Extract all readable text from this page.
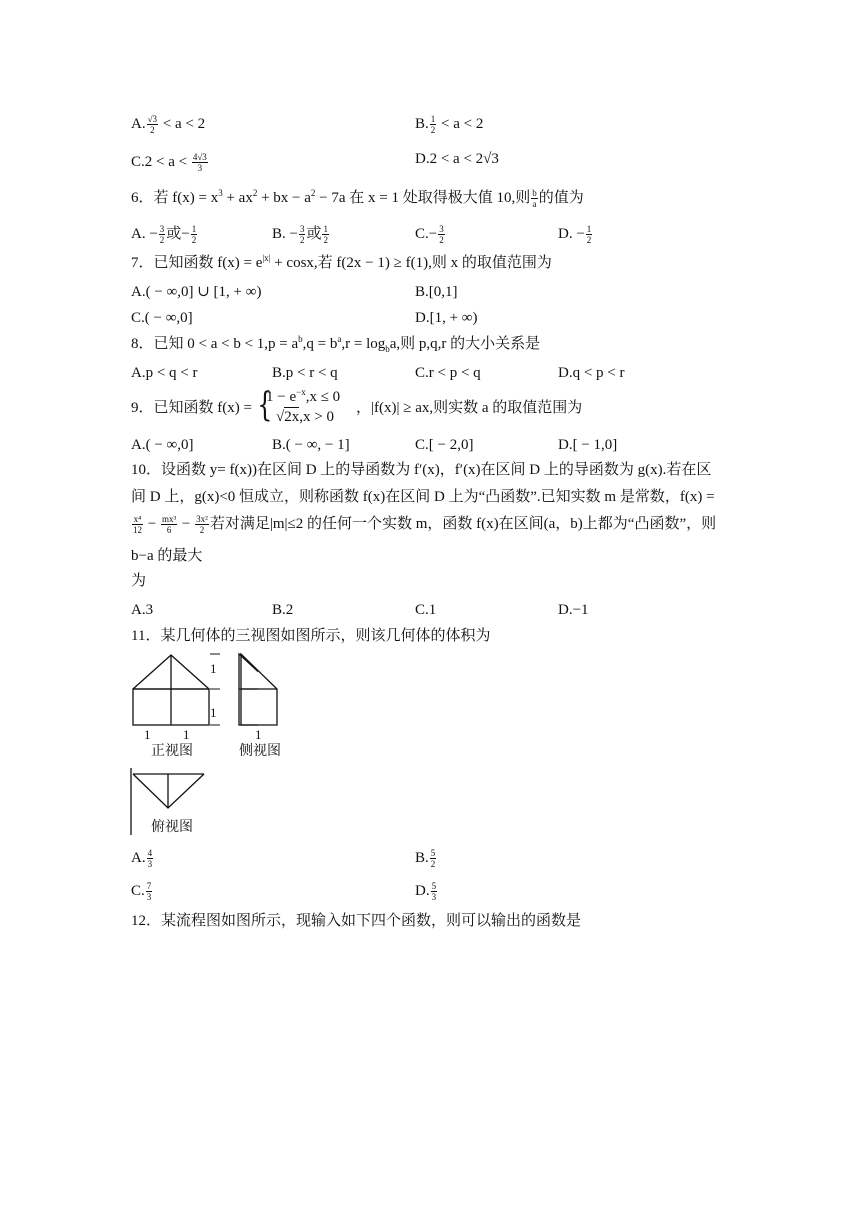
A. $\frac{√3}{2} < a < 2$	B. $\frac{1}{2} < a < 2$
$C.2 < a < \frac{4√3}{3}$	D.2 < a < 2√3
6．若 $f(x) = x^3 + ax^2$ + bx − $a^2 - 7a$ 在 x = 1 处取得极大值 10,则 $\frac{b}{a}$ 的值为
A. − $\frac{3}{2}$ 或− $\frac{1}{2}$	B. − $\frac{3}{2}$ 或 $\frac{1}{2}$	$C.- \frac{3}{2}$	D. − $\frac{1}{2}$
7．已知函数 $f(x) = e^{|x|} + \cos x$,若 f(2x − 1) ≥ f(1),则 x 的取值范围为
A.( − ∞,0] ∪ [1, + ∞)	B.[0,1]
C.( − ∞,0]	D.[1, + ∞)
8．已知 $0 < a < b < 1,p = a^b,q = b^a,r = \log_ba$,则 p,q,r 的大小关系是
A.p < q < r	B.p < r < q	C.r < p < q	D.q < p < r
9．已知函数 f(x) = {
$1 - e^{-x},x \le 0$
√2x,x > 0
，|f(x)| ≥ ax,则实数 a 的取值范围为
A.( − ∞,0]	B.( − ∞, − 1]	C.[ − 2,0]	D.[ − 1,0]
10．设函数 y= f(x))在区间 D 上的导函数为 f′(x)，f′(x)在区间 D 上的导函数为 g(x).若在区
间 D 上，g(x)<0 恒成立，则称函数 f(x)在区间 D 上为“凸函数”.已知实数 m 是常数，f(x) =
$\frac{\text{x⁴}}{12} - \frac{\text{mx³}}{6} - \frac{\text{3x²}}{2}$ 若对满足|m|≤2 的任何一个实数 m，函数 f(x)在区间(a，b)上都为“凸函数”，则
b−a 的最大
为
A.3	B.2	C.1	D.−1
11．某几何体的三视图如图所示，则该几何体的体积为
1
1
1	1	1
正视图	侧视图
俯视图
A. $\frac{4}{3}$	B. $\frac{5}{2}$
C. $\frac{7}{3}$	D. $\frac{5}{3}$
12．某流程图如图所示，现输入如下四个函数，则可以输出的函数是
